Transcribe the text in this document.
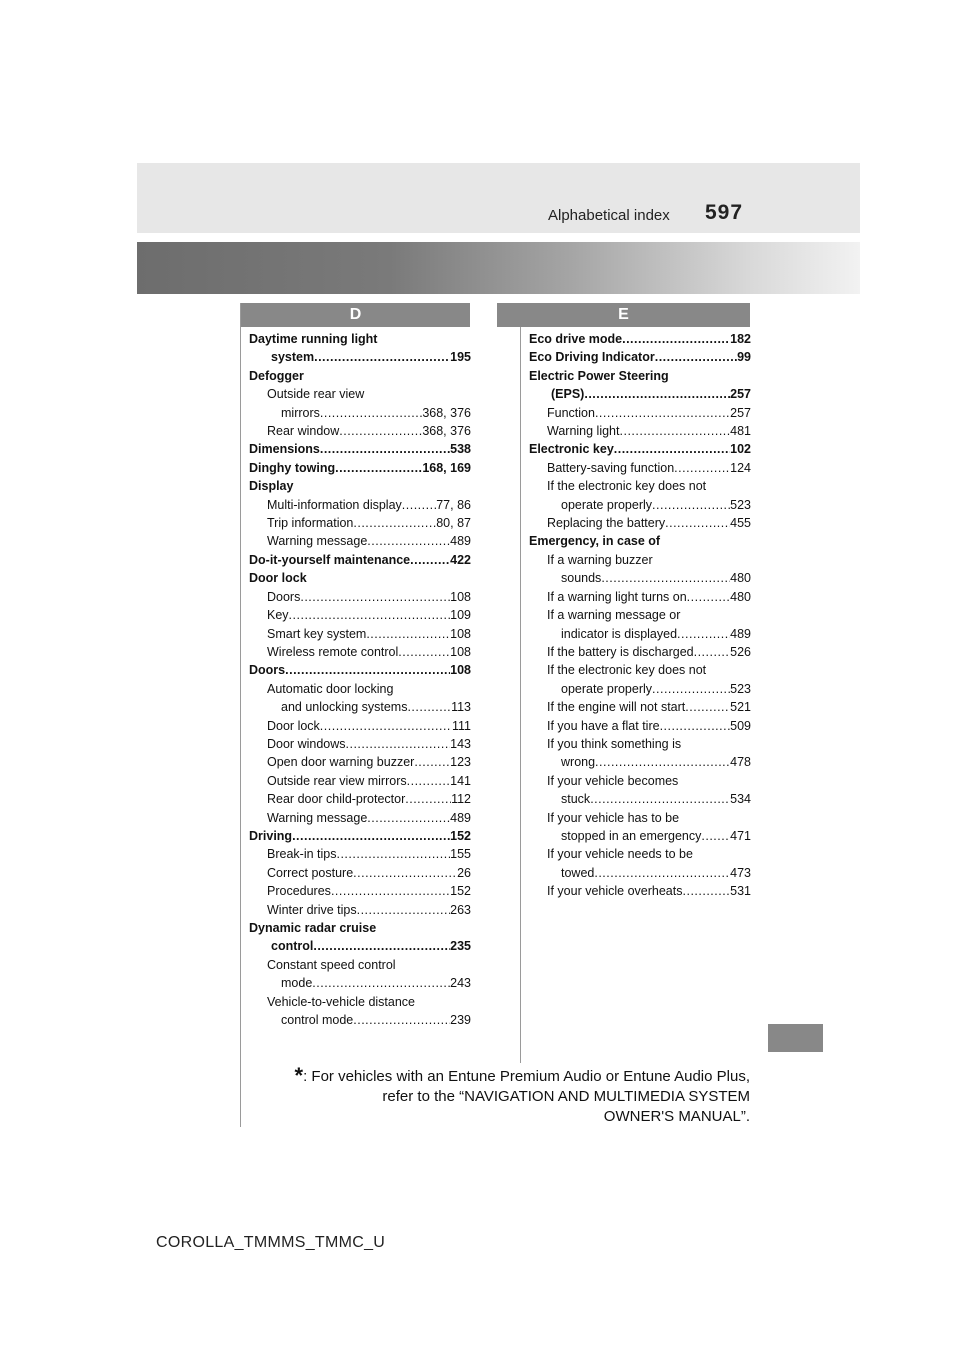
Alphabetical index 597
D	E
Daytime running light
system .....	195
Defogger
Outside rear view
mirrors .....	368, 376
Rear window .....	368, 376
Dimensions .....	538
Dinghy towing .....	168, 169
Display
Multi-information display .....	77, 86
Trip information .....	80, 87
Warning message .....	489
Do-it-yourself maintenance .....	422
Door lock
Doors .....	108
Key .....	109
Smart key system .....	108
Wireless remote control .....	108
Doors .....	108
Automatic door locking
and unlocking systems .....	113
Door lock .....	111
Door windows .....	143
Open door warning buzzer .....	123
Outside rear view mirrors .....	141
Rear door child-protector .....	112
Warning message .....	489
Driving .....	152
Break-in tips .....	155
Correct posture .....	26
Procedures .....	152
Winter drive tips .....	263
Dynamic radar cruise
control .....	235
Constant speed control
mode .....	243
Vehicle-to-vehicle distance
control mode .....	239
Eco drive mode .....	182
Eco Driving Indicator .....	99
Electric Power Steering
(EPS) .....	257
Function .....	257
Warning light .....	481
Electronic key .....	102
Battery-saving function .....	124
If the electronic key does not
operate properly .....	523
Replacing the battery .....	455
Emergency, in case of
If a warning buzzer
sounds .....	480
If a warning light turns on .....	480
If a warning message or
indicator is displayed .....	489
If the battery is discharged .....	526
If the electronic key does not
operate properly .....	523
If the engine will not start .....	521
If you have a flat tire .....	509
If you think something is
wrong .....	478
If your vehicle becomes
stuck .....	534
If your vehicle has to be
stopped in an emergency ..... 471
If your vehicle needs to be
towed .....	473
If your vehicle overheats .....	531
*: For vehicles with an Entune Premium Audio or Entune Audio Plus,
refer to the “NAVIGATION AND MULTIMEDIA SYSTEM
OWNER'S MANUAL”.
COROLLA_TMMMS_TMMC_U
